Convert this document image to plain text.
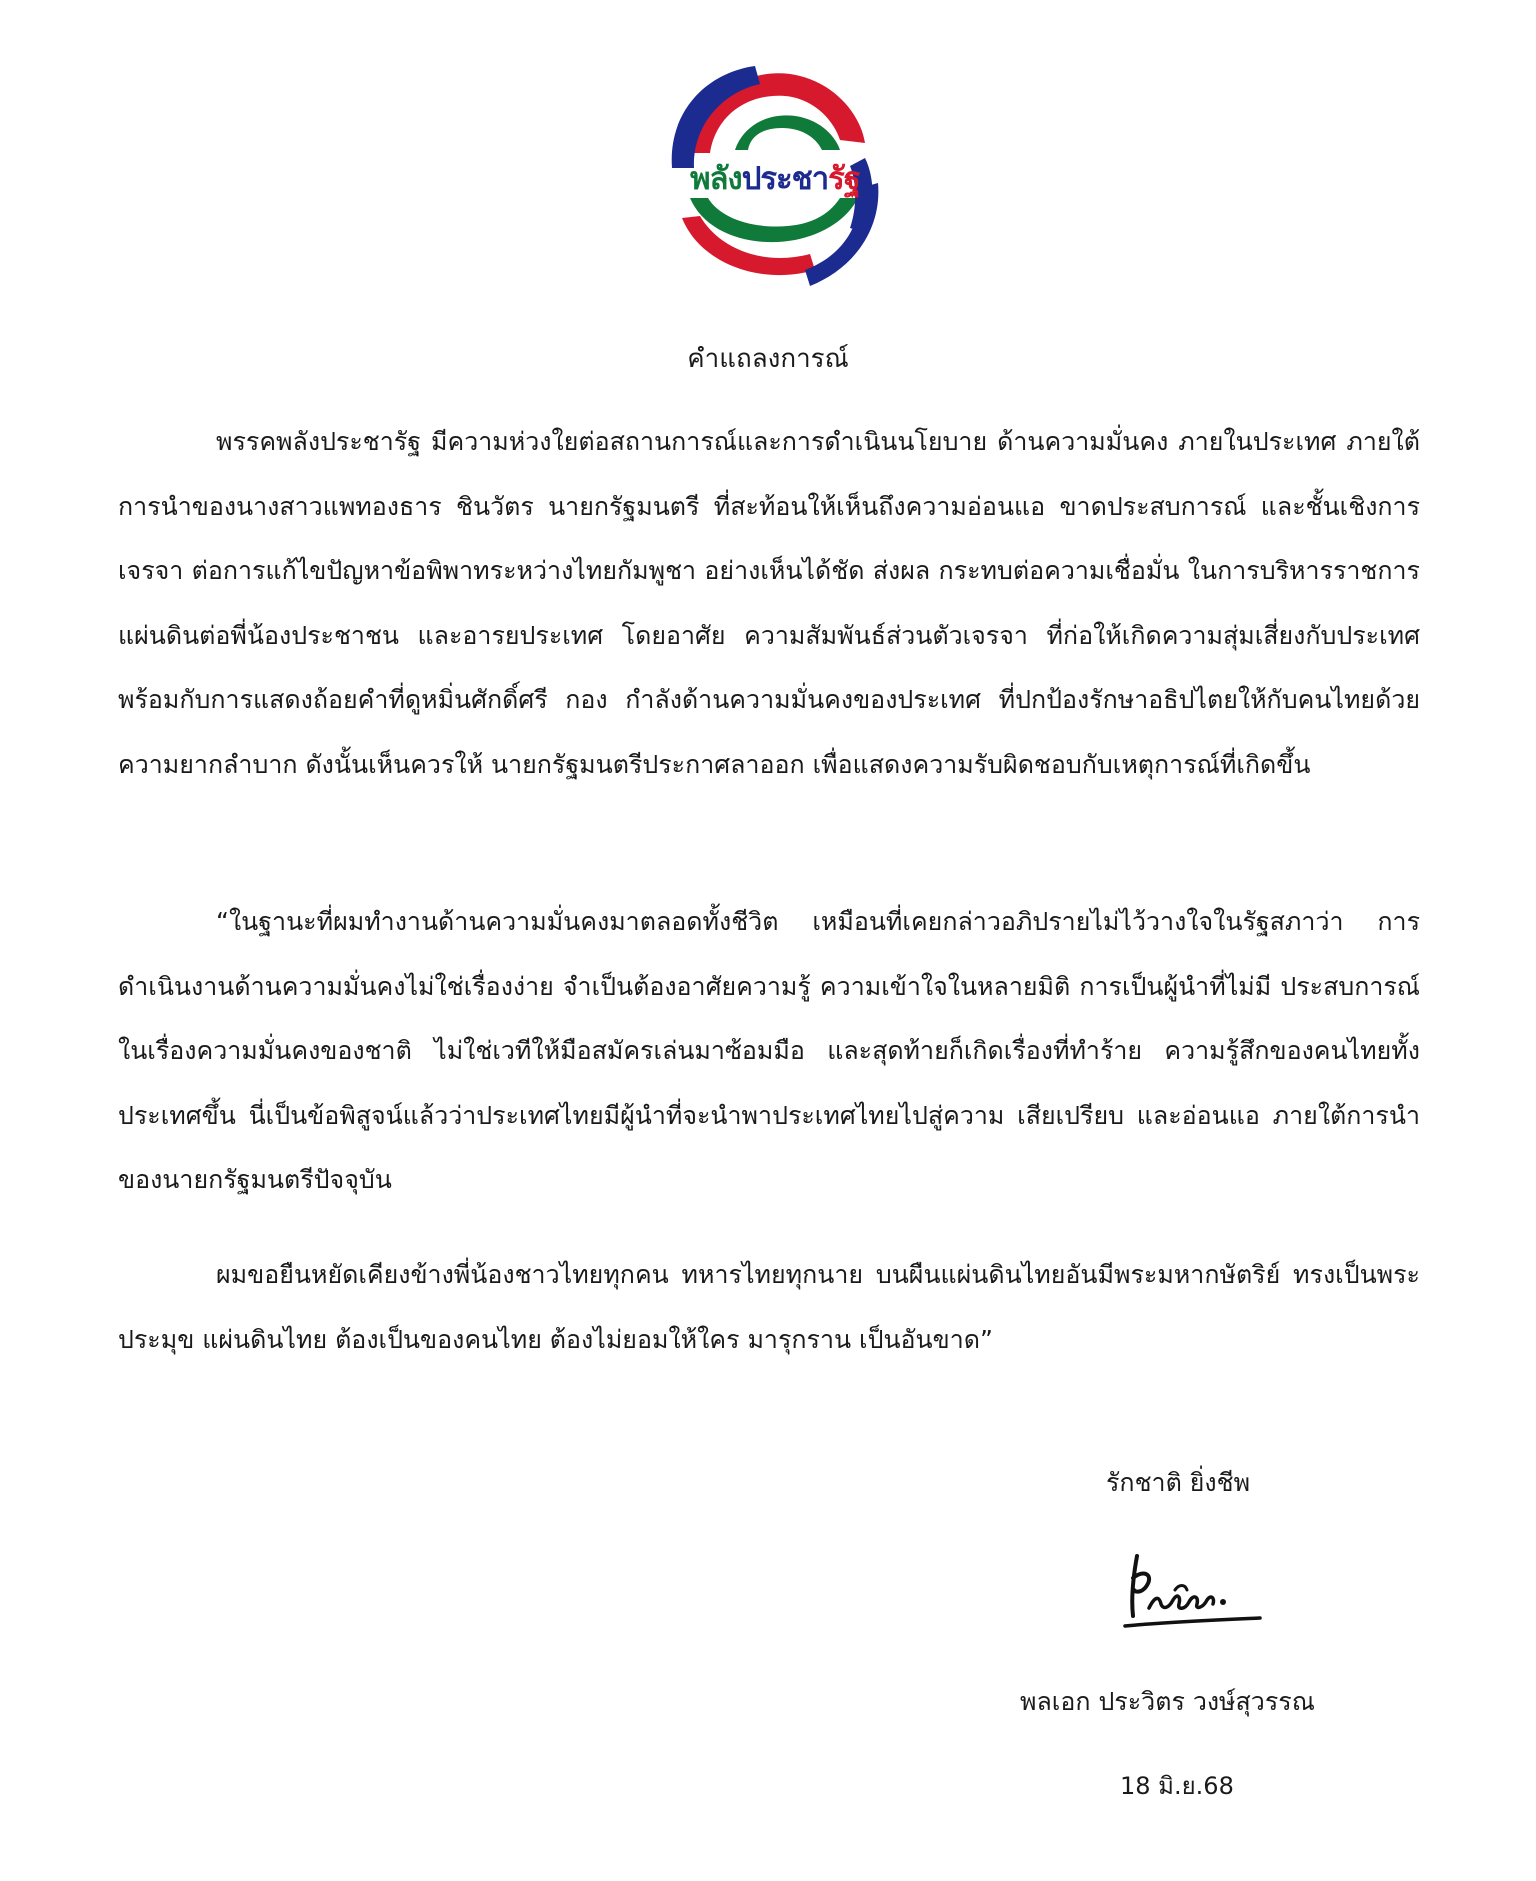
พลังประชารัฐ
คำแถลงการณ์

พรรคพลังประชารัฐ มีความห่วงใยต่อสถานการณ์และการดำเนินนโยบาย ด้านความมั่นคง ภายในประเทศ ภายใต้การนำของนางสาวแพทองธาร ชินวัตร นายกรัฐมนตรี ที่สะท้อนให้เห็นถึงความอ่อนแอ ขาดประสบการณ์ และชั้นเชิงการเจรจา ต่อการแก้ไขปัญหาข้อพิพาทระหว่างไทยกัมพูชา อย่างเห็นได้ชัด ส่งผล กระทบต่อความเชื่อมั่น ในการบริหารราชการแผ่นดินต่อพี่น้องประชาชน และอารยประเทศ โดยอาศัย ความสัมพันธ์ส่วนตัวเจรจา ที่ก่อให้เกิดความสุ่มเสี่ยงกับประเทศ พร้อมกับการแสดงถ้อยคำที่ดูหมิ่นศักดิ์ศรี กอง กำลังด้านความมั่นคงของประเทศ ที่ปกป้องรักษาอธิปไตยให้กับคนไทยด้วยความยากลำบาก ดังนั้นเห็นควรให้ นายกรัฐมนตรีประกาศลาออก เพื่อแสดงความรับผิดชอบกับเหตุการณ์ที่เกิดขึ้น

“ในฐานะที่ผมทำงานด้านความมั่นคงมาตลอดทั้งชีวิต เหมือนที่เคยกล่าวอภิปรายไม่ไว้วางใจในรัฐสภาว่า การดำเนินงานด้านความมั่นคงไม่ใช่เรื่องง่าย จำเป็นต้องอาศัยความรู้ ความเข้าใจในหลายมิติ การเป็นผู้นำที่ไม่มี ประสบการณ์ในเรื่องความมั่นคงของชาติ ไม่ใช่เวทีให้มือสมัครเล่นมาซ้อมมือ และสุดท้ายก็เกิดเรื่องที่ทำร้าย ความรู้สึกของคนไทยทั้งประเทศขึ้น นี่เป็นข้อพิสูจน์แล้วว่าประเทศไทยมีผู้นำที่จะนำพาประเทศไทยไปสู่ความ เสียเปรียบ และอ่อนแอ ภายใต้การนำของนายกรัฐมนตรีปัจจุบัน

ผมขอยืนหยัดเคียงข้างพี่น้องชาวไทยทุกคน ทหารไทยทุกนาย บนผืนแผ่นดินไทยอันมีพระมหากษัตริย์ ทรงเป็นพระประมุข แผ่นดินไทย ต้องเป็นของคนไทย ต้องไม่ยอมให้ใคร มารุกราน เป็นอันขาด”

รักชาติ ยิ่งชีพ
พลเอก ประวิตร วงษ์สุวรรณ
18 มิ.ย.68
